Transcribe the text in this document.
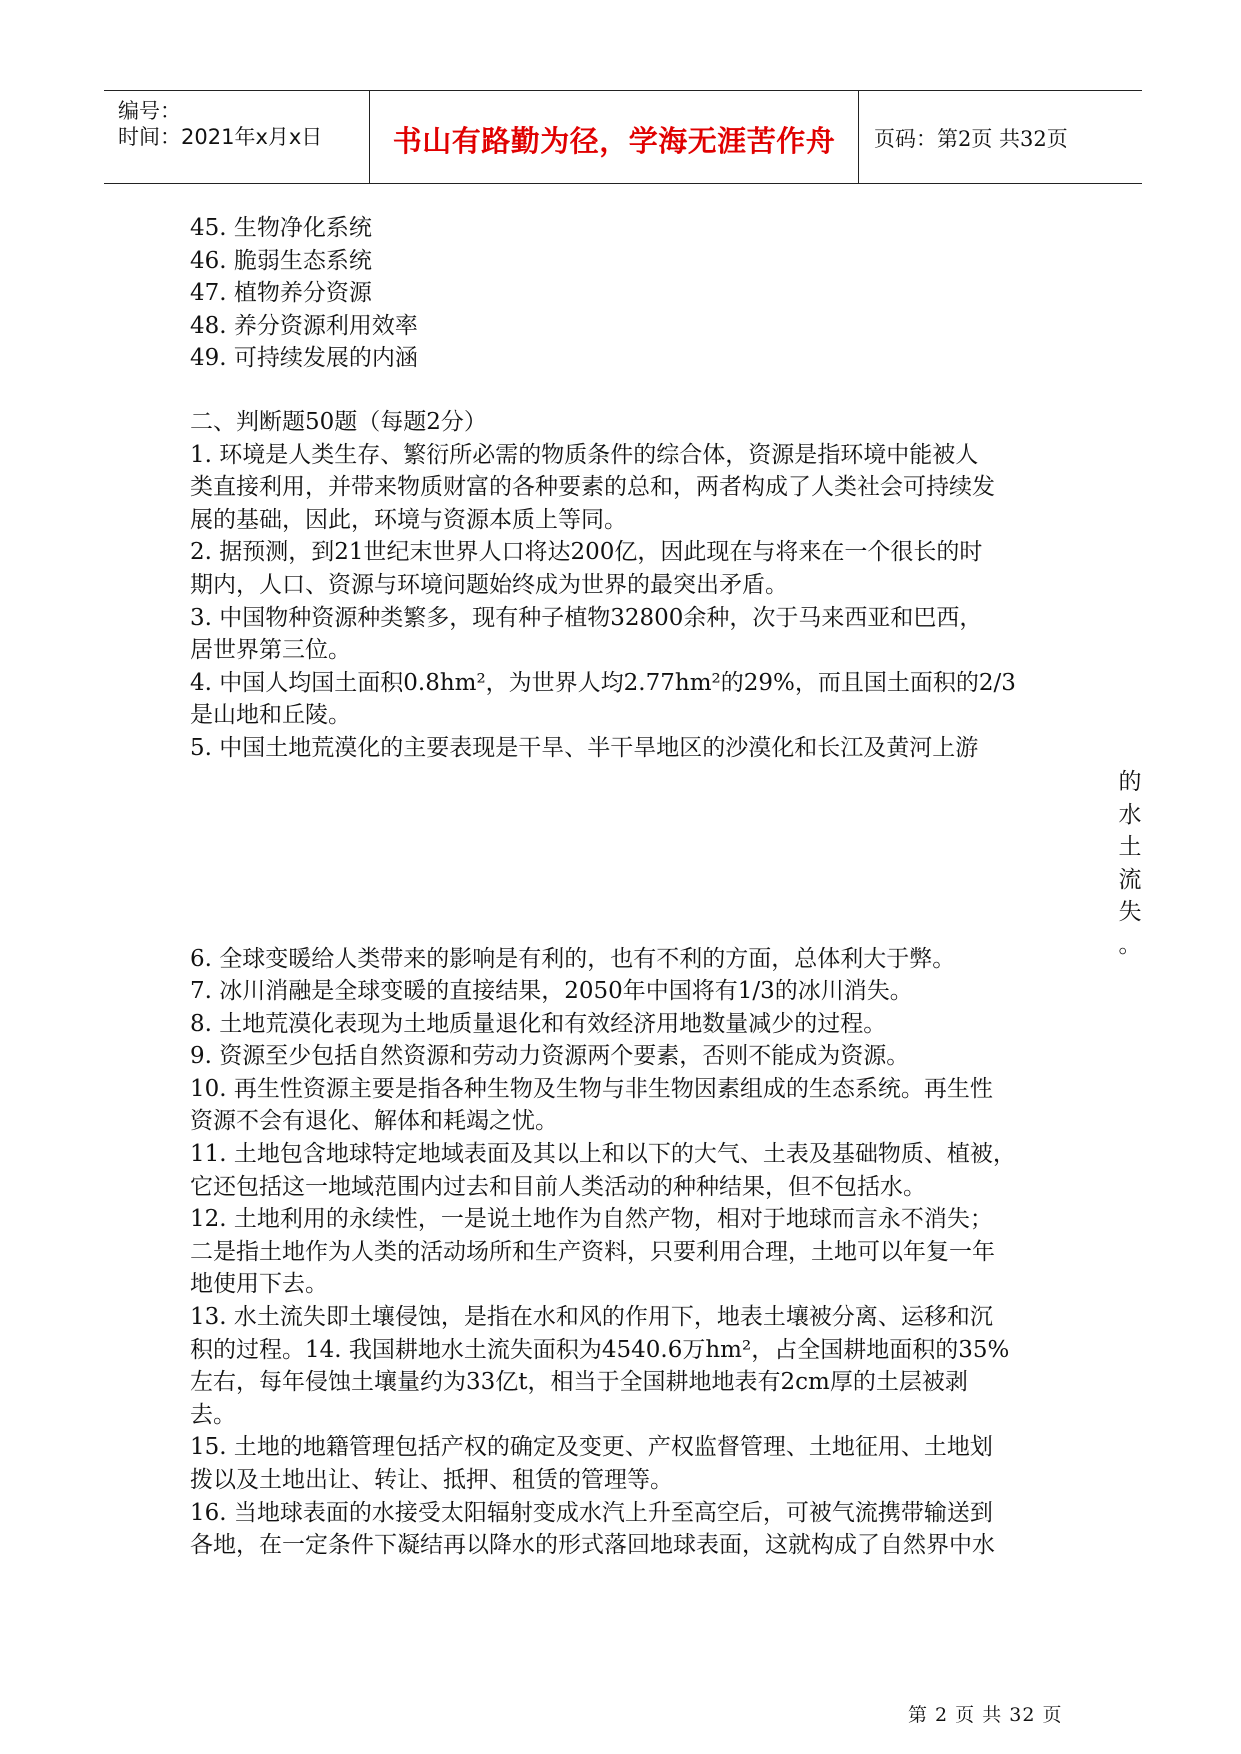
编号：
时间：2021年x月x日	书山有路勤为径，学海无涯苦作舟	页码：第2页 共32页
45. 生物净化系统
46. 脆弱生态系统
47. 植物养分资源
48. 养分资源利用效率
49. 可持续发展的内涵
二、判断题50题（每题2分）
1. 环境是人类生存、繁衍所必需的物质条件的综合体，资源是指环境中能被人
类直接利用，并带来物质财富的各种要素的总和，两者构成了人类社会可持续发
展的基础，因此，环境与资源本质上等同。
2. 据预测，到21世纪末世界人口将达200亿，因此现在与将来在一个很长的时
期内，人口、资源与环境问题始终成为世界的最突出矛盾。
3. 中国物种资源种类繁多，现有种子植物32800余种，次于马来西亚和巴西，
居世界第三位。
4. 中国人均国土面积0.8hm²，为世界人均2.77hm²的29%，而且国土面积的2/3
是山地和丘陵。
5. 中国土地荒漠化的主要表现是干旱、半干旱地区的沙漠化和长江及黄河上游
6. 全球变暖给人类带来的影响是有利的，也有不利的方面，总体利大于弊。
7. 冰川消融是全球变暖的直接结果，2050年中国将有1/3的冰川消失。
8. 土地荒漠化表现为土地质量退化和有效经济用地数量减少的过程。
9. 资源至少包括自然资源和劳动力资源两个要素，否则不能成为资源。
10. 再生性资源主要是指各种生物及生物与非生物因素组成的生态系统。再生性
资源不会有退化、解体和耗竭之忧。
11. 土地包含地球特定地域表面及其以上和以下的大气、土表及基础物质、植被，
它还包括这一地域范围内过去和目前人类活动的种种结果，但不包括水。
12. 土地利用的永续性，一是说土地作为自然产物，相对于地球而言永不消失；
二是指土地作为人类的活动场所和生产资料，只要利用合理，土地可以年复一年
地使用下去。
13. 水土流失即土壤侵蚀，是指在水和风的作用下，地表土壤被分离、运移和沉
积的过程。14. 我国耕地水土流失面积为4540.6万hm²，占全国耕地面积的35%
左右，每年侵蚀土壤量约为33亿t，相当于全国耕地地表有2cm厚的土层被剥
去。
15. 土地的地籍管理包括产权的确定及变更、产权监督管理、土地征用、土地划
拨以及土地出让、转让、抵押、租赁的管理等。
16. 当地球表面的水接受太阳辐射变成水汽上升至高空后，可被气流携带输送到
各地，在一定条件下凝结再以降水的形式落回地球表面，这就构成了自然界中水
的
水
土
流
失
。
第 2 页 共 32 页
